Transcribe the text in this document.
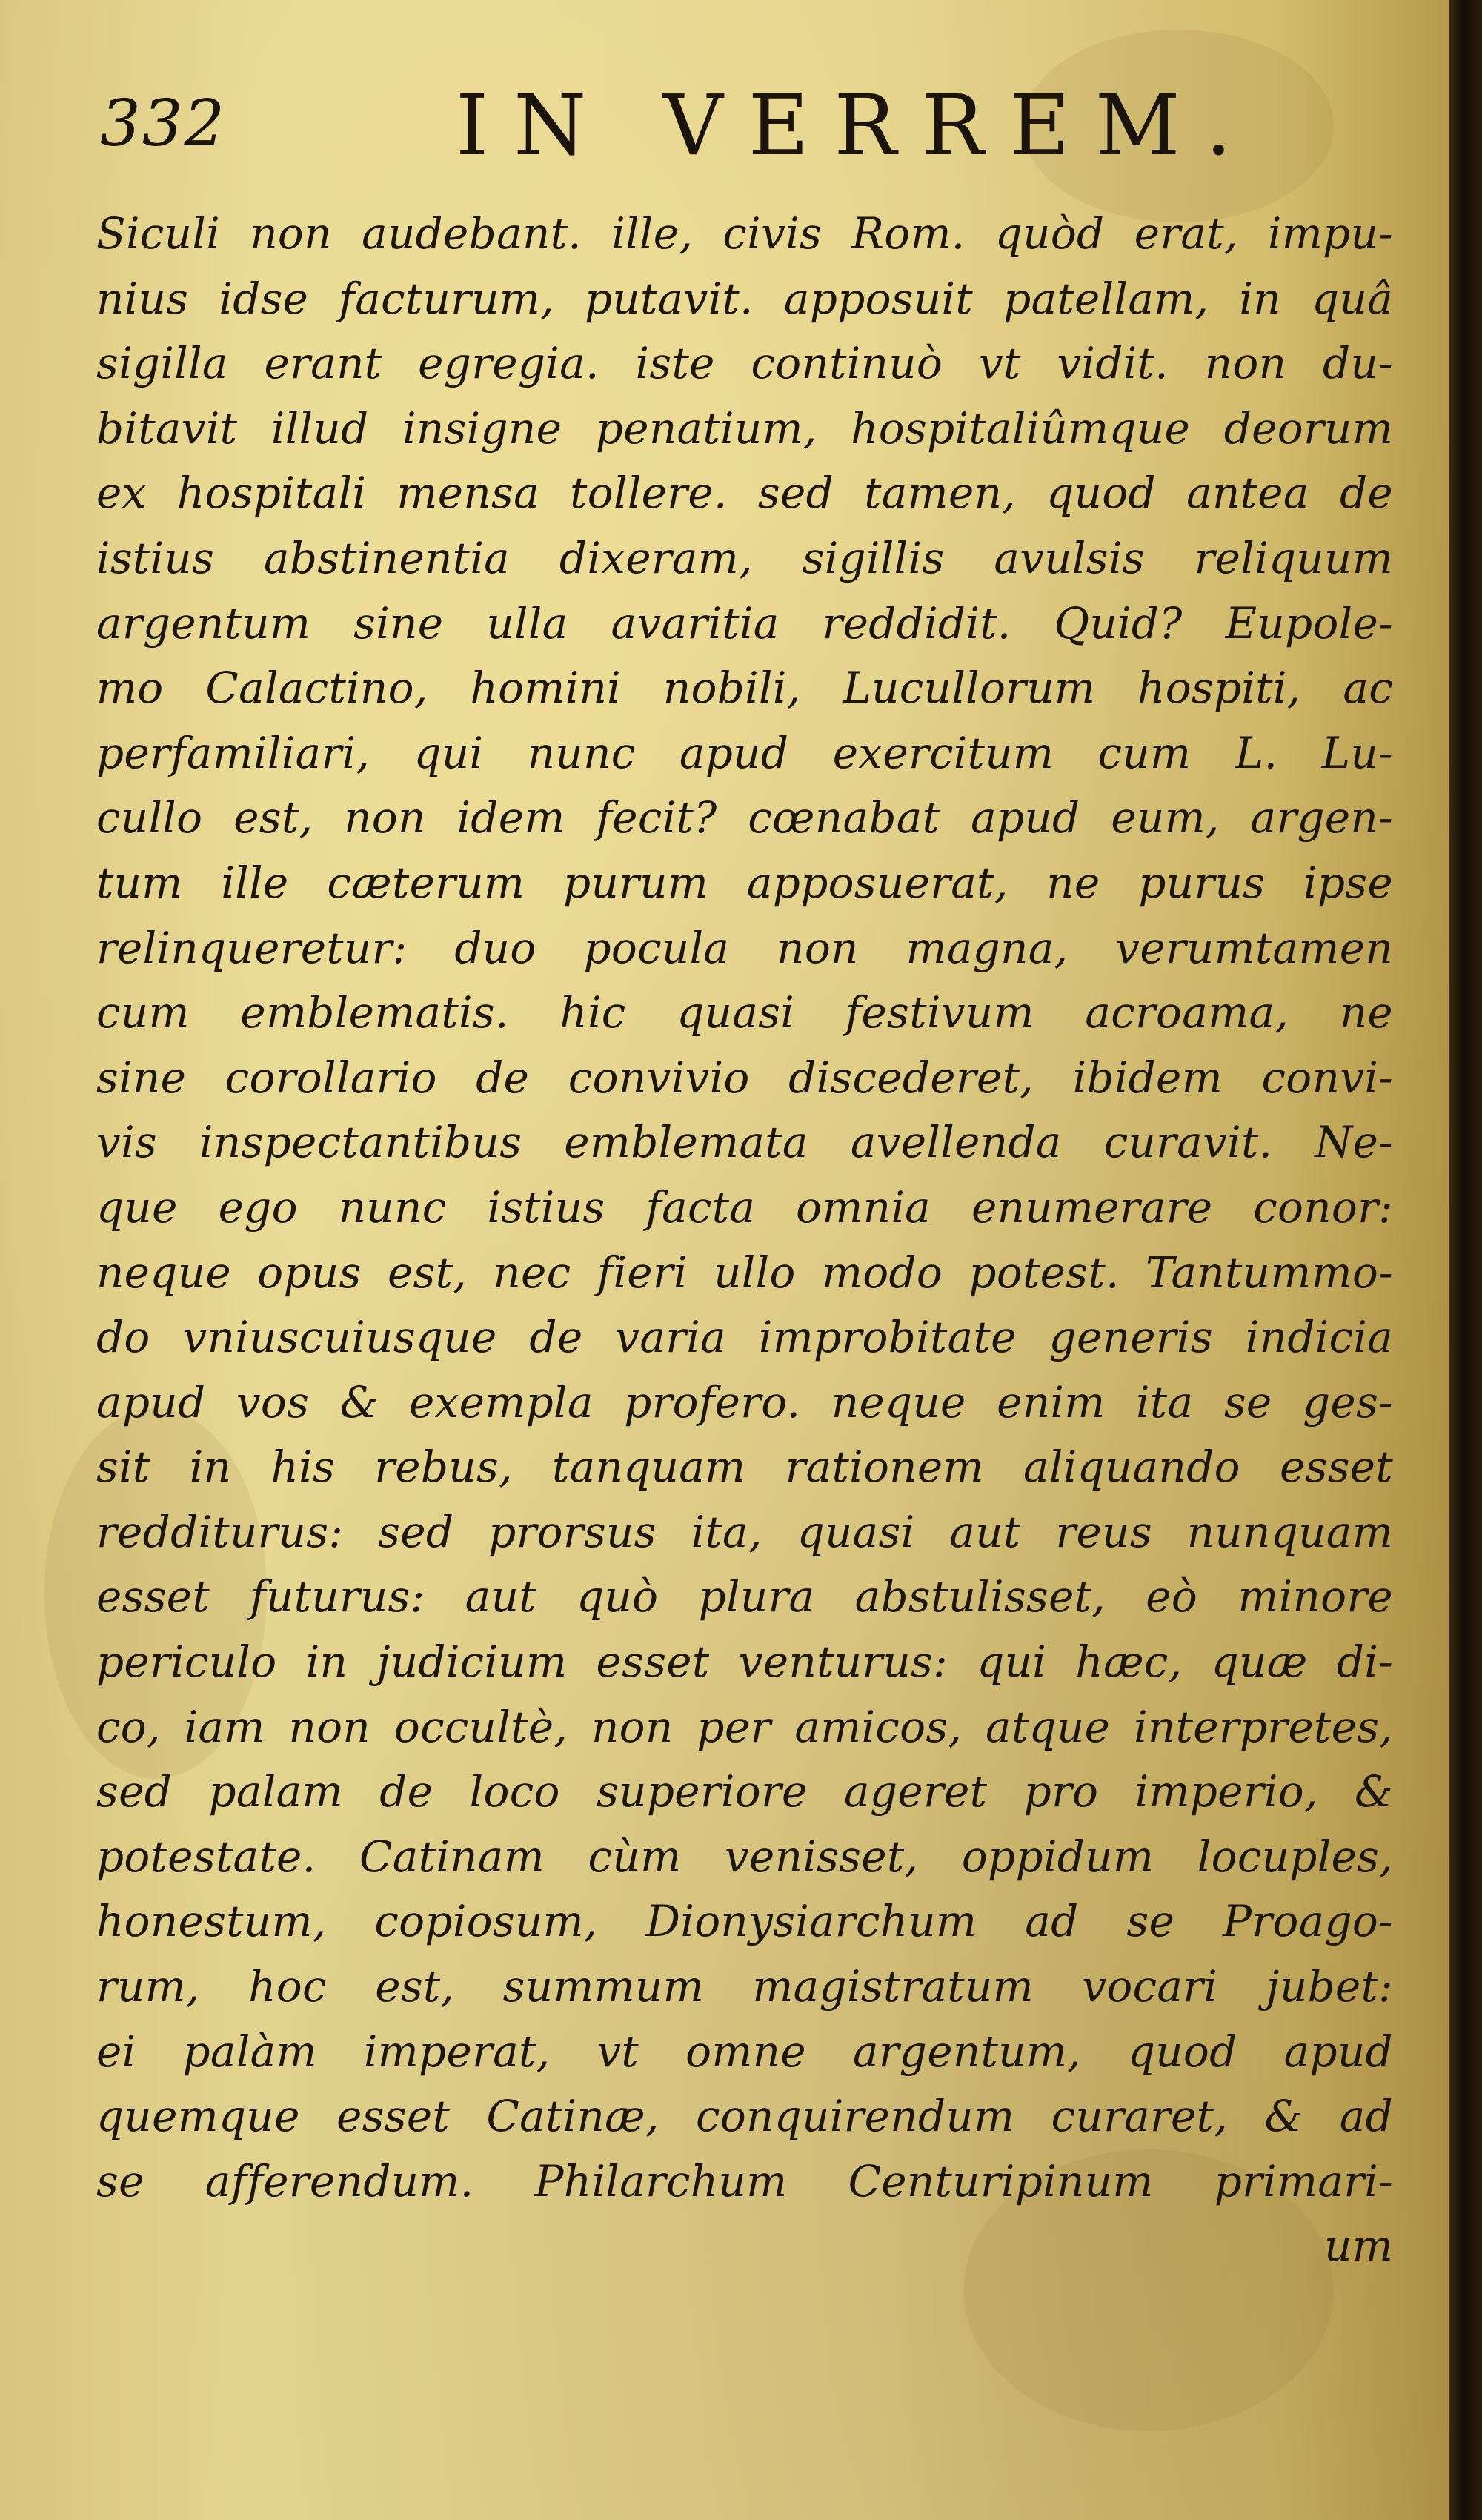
332	IN VERREM.
Siculi non audebant. ille, civis Rom. quòd erat, impu-
nius idse facturum, putavit. apposuit patellam, in quâ
sigilla erant egregia. iste continuò vt vidit. non du-
bitavit illud insigne penatium, hospitaliûmque deorum
ex hospitali mensa tollere. sed tamen, quod antea de
istius abstinentia dixeram, sigillis avulsis reliquum
argentum sine ulla avaritia reddidit. Quid? Eupole-
mo Calactino, homini nobili, Lucullorum hospiti, ac
perfamiliari, qui nunc apud exercitum cum L. Lu-
cullo est, non idem fecit? cœnabat apud eum, argen-
tum ille cæterum purum apposuerat, ne purus ipse
relinqueretur: duo pocula non magna, verumtamen
cum emblematis. hic quasi festivum acroama, ne
sine corollario de convivio discederet, ibidem convi-
vis inspectantibus emblemata avellenda curavit. Ne-
que ego nunc istius facta omnia enumerare conor:
neque opus est, nec fieri ullo modo potest. Tantummo-
do vniuscuiusque de varia improbitate generis indicia
apud vos & exempla profero. neque enim ita se ges-
sit in his rebus, tanquam rationem aliquando esset
redditurus: sed prorsus ita, quasi aut reus nunquam
esset futurus: aut quò plura abstulisset, eò minore
periculo in judicium esset venturus: qui hæc, quæ di-
co, iam non occultè, non per amicos, atque interpretes,
sed palam de loco superiore ageret pro imperio, &
potestate. Catinam cùm venisset, oppidum locuples,
honestum, copiosum, Dionysiarchum ad se Proago-
rum, hoc est, summum magistratum vocari jubet:
ei palàm imperat, vt omne argentum, quod apud
quemque esset Catinæ, conquirendum curaret, & ad
se afferendum. Philarchum Centuripinum primari-
um
